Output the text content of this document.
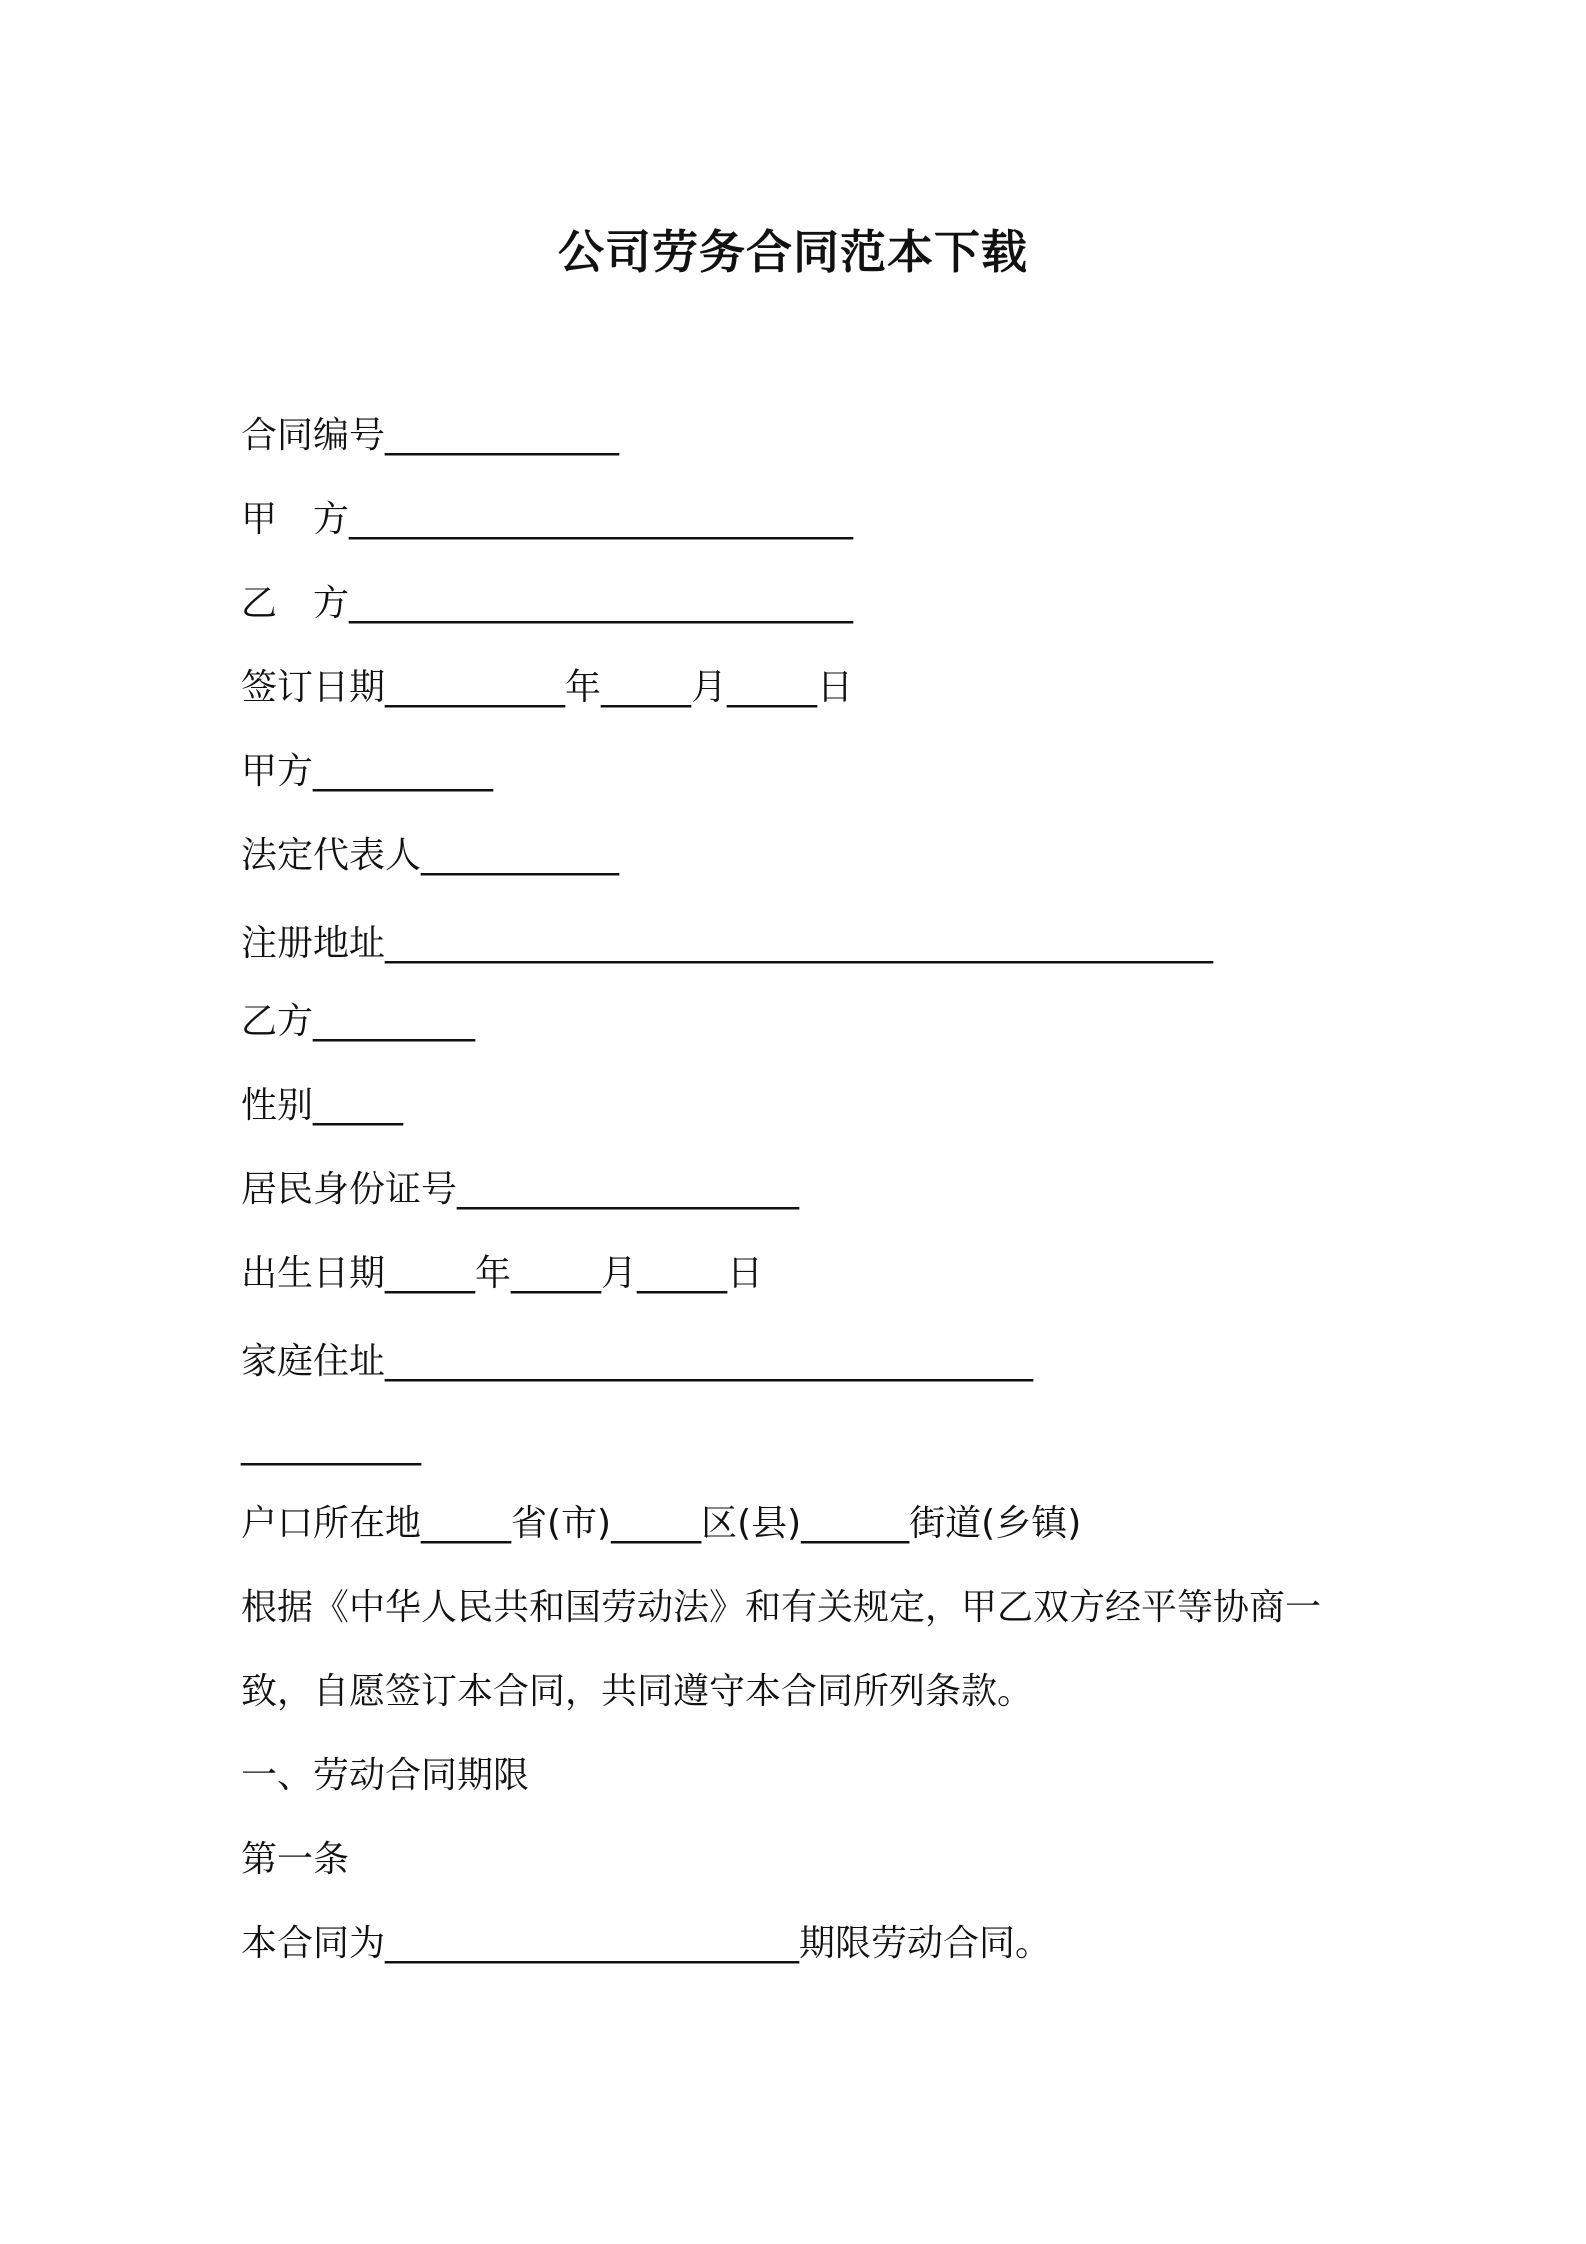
公司劳务合同范本下载
合同编号_____________
甲　方____________________________
乙　方____________________________
签订日期__________年_____月_____日
甲方__________
法定代表人___________
注册地址______________________________________________
乙方_________
性别_____
居民身份证号___________________
出生日期_____年_____月_____日
家庭住址____________________________________
__________
户口所在地_____省(市)_____区(县)______街道(乡镇)
根据《中华人民共和国劳动法》和有关规定，甲乙双方经平等协商一
致，自愿签订本合同，共同遵守本合同所列条款。
一、劳动合同期限
第一条
本合同为_______________________期限劳动合同。
